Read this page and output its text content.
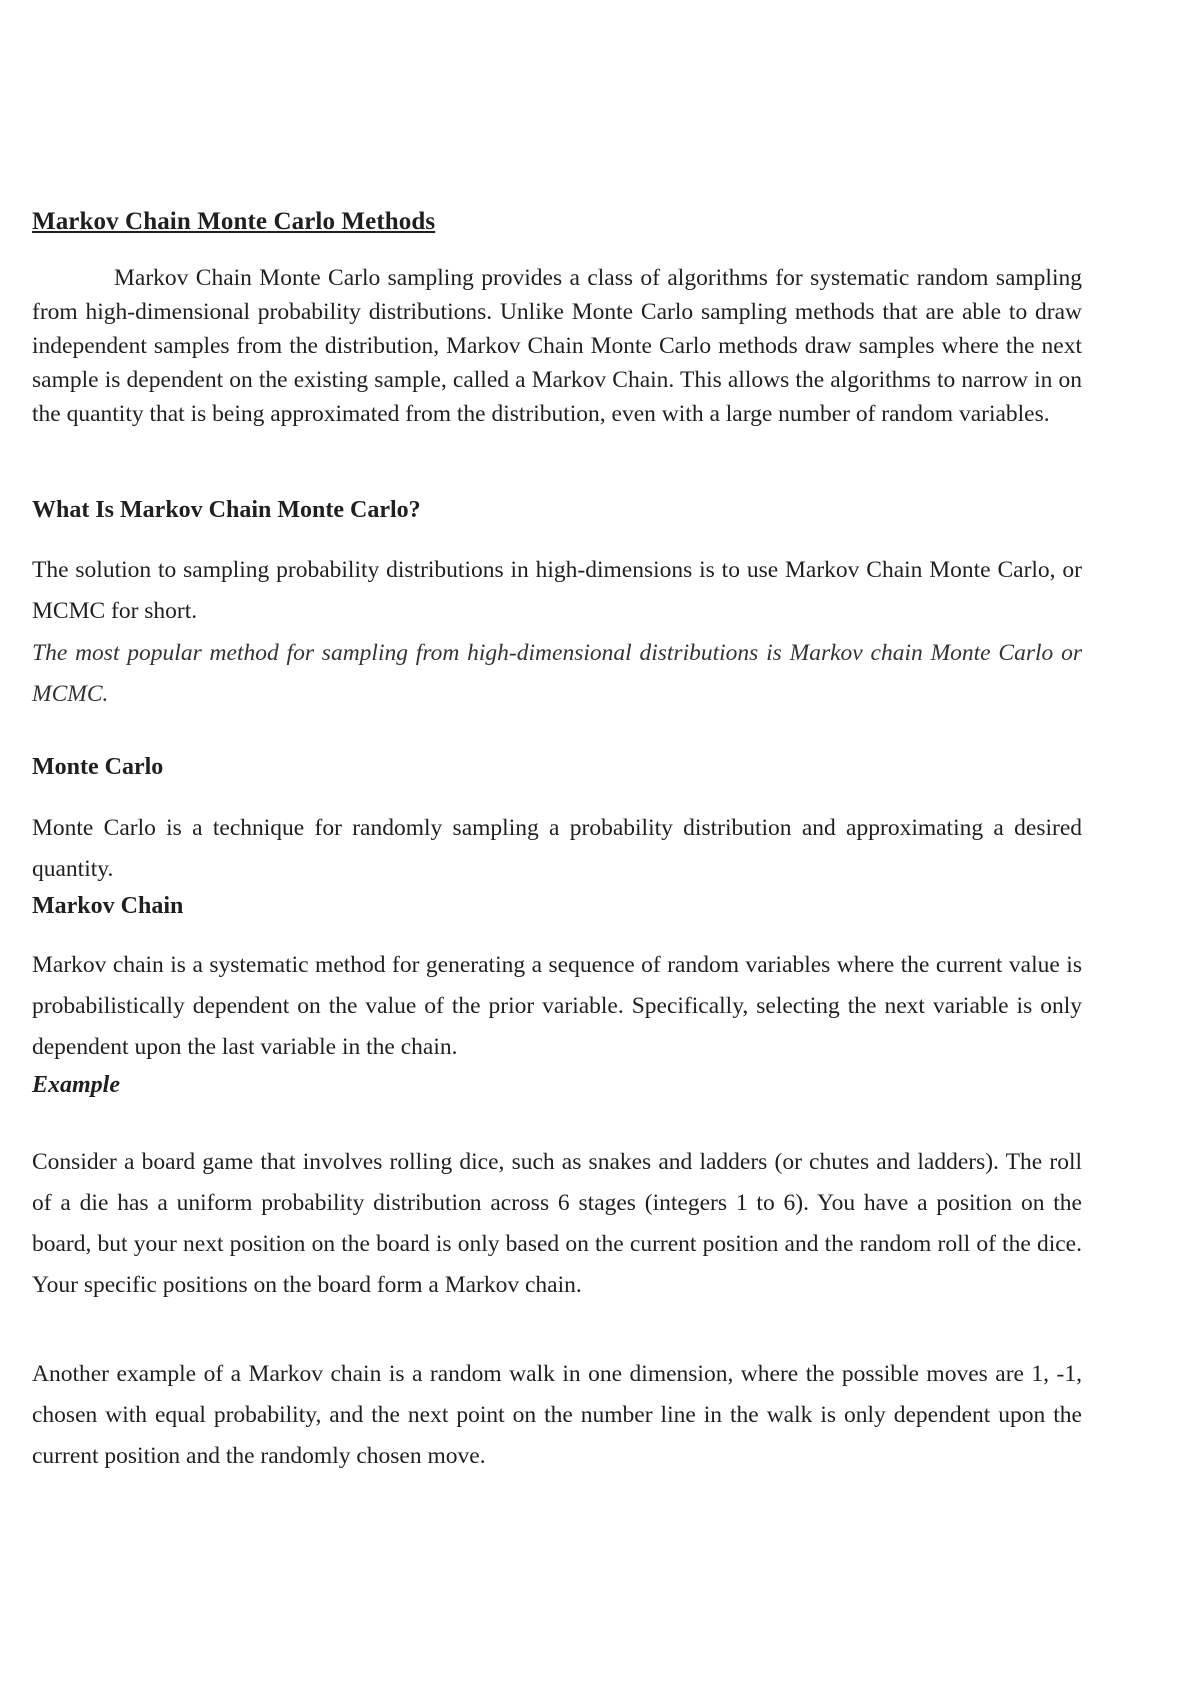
Markov Chain Monte Carlo Methods

Markov Chain Monte Carlo sampling provides a class of algorithms for systematic random sampling from high-dimensional probability distributions. Unlike Monte Carlo sampling methods that are able to draw independent samples from the distribution, Markov Chain Monte Carlo methods draw samples where the next sample is dependent on the existing sample, called a Markov Chain. This allows the algorithms to narrow in on the quantity that is being approximated from the distribution, even with a large number of random variables.

What Is Markov Chain Monte Carlo?

The solution to sampling probability distributions in high-dimensions is to use Markov Chain Monte Carlo, or MCMC for short.

The most popular method for sampling from high-dimensional distributions is Markov chain Monte Carlo or MCMC.

Monte Carlo

Monte Carlo is a technique for randomly sampling a probability distribution and approximating a desired quantity.

Markov Chain

Markov chain is a systematic method for generating a sequence of random variables where the current value is probabilistically dependent on the value of the prior variable. Specifically, selecting the next variable is only dependent upon the last variable in the chain.

Example

Consider a board game that involves rolling dice, such as snakes and ladders (or chutes and ladders). The roll of a die has a uniform probability distribution across 6 stages (integers 1 to 6). You have a position on the board, but your next position on the board is only based on the current position and the random roll of the dice. Your specific positions on the board form a Markov chain.

Another example of a Markov chain is a random walk in one dimension, where the possible moves are 1, -1, chosen with equal probability, and the next point on the number line in the walk is only dependent upon the current position and the randomly chosen move.
